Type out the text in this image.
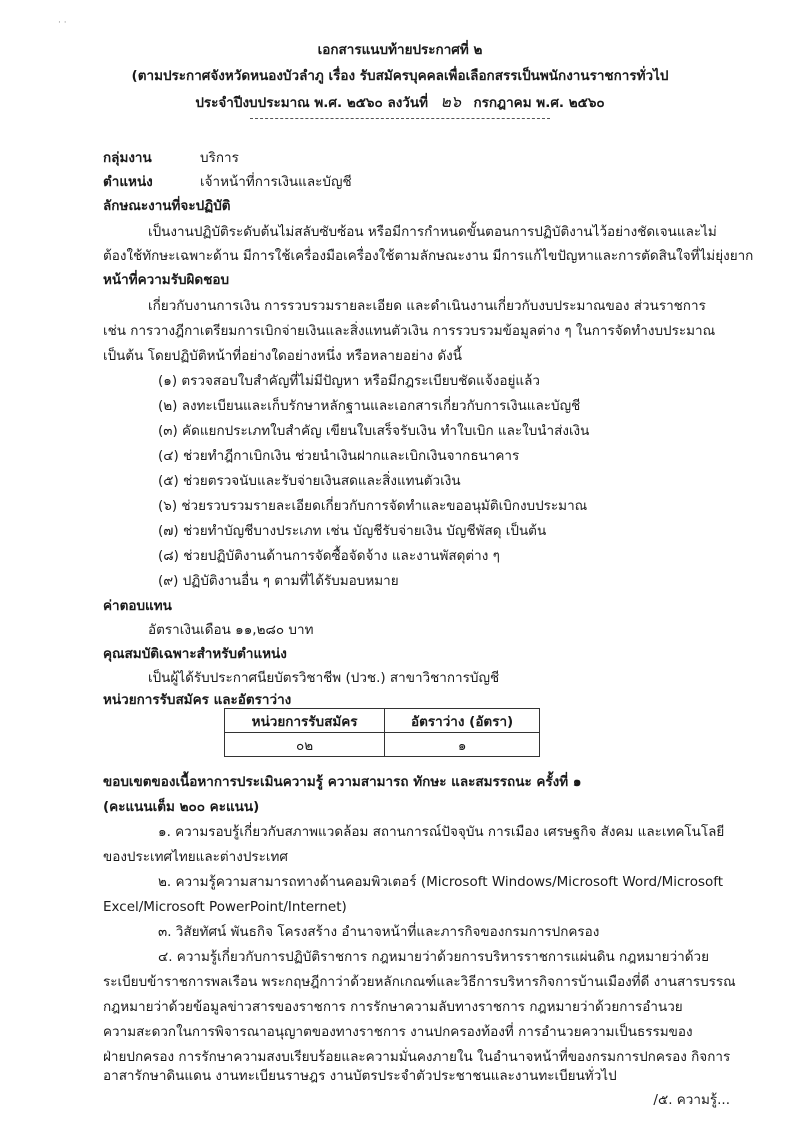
· ·
เอกสารแนบท้ายประกาศที่ ๒
(ตามประกาศจังหวัดหนองบัวลำภู เรื่อง รับสมัครบุคคลเพื่อเลือกสรรเป็นพนักงานราชการทั่วไป
ประจำปีงบประมาณ พ.ศ. ๒๕๖๐ ลงวันที่ ๒๖ กรกฎาคม พ.ศ. ๒๕๖๐
กลุ่มงาน	บริการ
ตำแหน่ง	เจ้าหน้าที่การเงินและบัญชี
ลักษณะงานที่จะปฏิบัติ
เป็นงานปฏิบัติระดับต้นไม่สลับซับซ้อน หรือมีการกำหนดขั้นตอนการปฏิบัติงานไว้อย่างชัดเจนและไม่
ต้องใช้ทักษะเฉพาะด้าน มีการใช้เครื่องมือเครื่องใช้ตามลักษณะงาน มีการแก้ไขปัญหาและการตัดสินใจที่ไม่ยุ่งยาก
หน้าที่ความรับผิดชอบ
เกี่ยวกับงานการเงิน การรวบรวมรายละเอียด และดำเนินงานเกี่ยวกับงบประมาณของ ส่วนราชการ
เช่น การวางฎีกาเตรียมการเบิกจ่ายเงินและสิ่งแทนตัวเงิน การรวบรวมข้อมูลต่าง ๆ ในการจัดทำงบประมาณ
เป็นต้น โดยปฏิบัติหน้าที่อย่างใดอย่างหนึ่ง หรือหลายอย่าง ดังนี้
(๑) ตรวจสอบใบสำคัญที่ไม่มีปัญหา หรือมีกฎระเบียบชัดแจ้งอยู่แล้ว
(๒) ลงทะเบียนและเก็บรักษาหลักฐานและเอกสารเกี่ยวกับการเงินและบัญชี
(๓) คัดแยกประเภทใบสำคัญ เขียนใบเสร็จรับเงิน ทำใบเบิก และใบนำส่งเงิน
(๔) ช่วยทำฎีกาเบิกเงิน ช่วยนำเงินฝากและเบิกเงินจากธนาคาร
(๕) ช่วยตรวจนับและรับจ่ายเงินสดและสิ่งแทนตัวเงิน
(๖) ช่วยรวบรวมรายละเอียดเกี่ยวกับการจัดทำและขออนุมัติเบิกงบประมาณ
(๗) ช่วยทำบัญชีบางประเภท เช่น บัญชีรับจ่ายเงิน บัญชีพัสดุ เป็นต้น
(๘) ช่วยปฏิบัติงานด้านการจัดซื้อจัดจ้าง และงานพัสดุต่าง ๆ
(๙) ปฏิบัติงานอื่น ๆ ตามที่ได้รับมอบหมาย
ค่าตอบแทน
อัตราเงินเดือน ๑๑,๒๘๐ บาท
คุณสมบัติเฉพาะสำหรับตำแหน่ง
เป็นผู้ได้รับประกาศนียบัตรวิชาชีพ (ปวช.) สาขาวิชาการบัญชี
หน่วยการรับสมัคร และอัตราว่าง
หน่วยการรับสมัคร	อัตราว่าง (อัตรา)
๐๒	๑
ขอบเขตของเนื้อหาการประเมินความรู้ ความสามารถ ทักษะ และสมรรถนะ ครั้งที่ ๑
(คะแนนเต็ม ๒๐๐ คะแนน)
๑. ความรอบรู้เกี่ยวกับสภาพแวดล้อม สถานการณ์ปัจจุบัน การเมือง เศรษฐกิจ สังคม และเทคโนโลยี
ของประเทศไทยและต่างประเทศ
๒. ความรู้ความสามารถทางด้านคอมพิวเตอร์ (Microsoft Windows/Microsoft Word/Microsoft
Excel/Microsoft PowerPoint/Internet)
๓. วิสัยทัศน์ พันธกิจ โครงสร้าง อำนาจหน้าที่และภารกิจของกรมการปกครอง
๔. ความรู้เกี่ยวกับการปฏิบัติราชการ กฎหมายว่าด้วยการบริหารราชการแผ่นดิน กฎหมายว่าด้วย
ระเบียบข้าราชการพลเรือน พระกฤษฎีกาว่าด้วยหลักเกณฑ์และวิธีการบริหารกิจการบ้านเมืองที่ดี งานสารบรรณ
กฎหมายว่าด้วยข้อมูลข่าวสารของราชการ การรักษาความลับทางราชการ กฎหมายว่าด้วยการอำนวย
ความสะดวกในการพิจารณาอนุญาตของทางราชการ งานปกครองท้องที่ การอำนวยความเป็นธรรมของ
ฝ่ายปกครอง การรักษาความสงบเรียบร้อยและความมั่นคงภายใน ในอำนาจหน้าที่ของกรมการปกครอง กิจการ
อาสารักษาดินแดน งานทะเบียนราษฎร งานบัตรประจำตัวประชาชนและงานทะเบียนทั่วไป
/๕. ความรู้...
